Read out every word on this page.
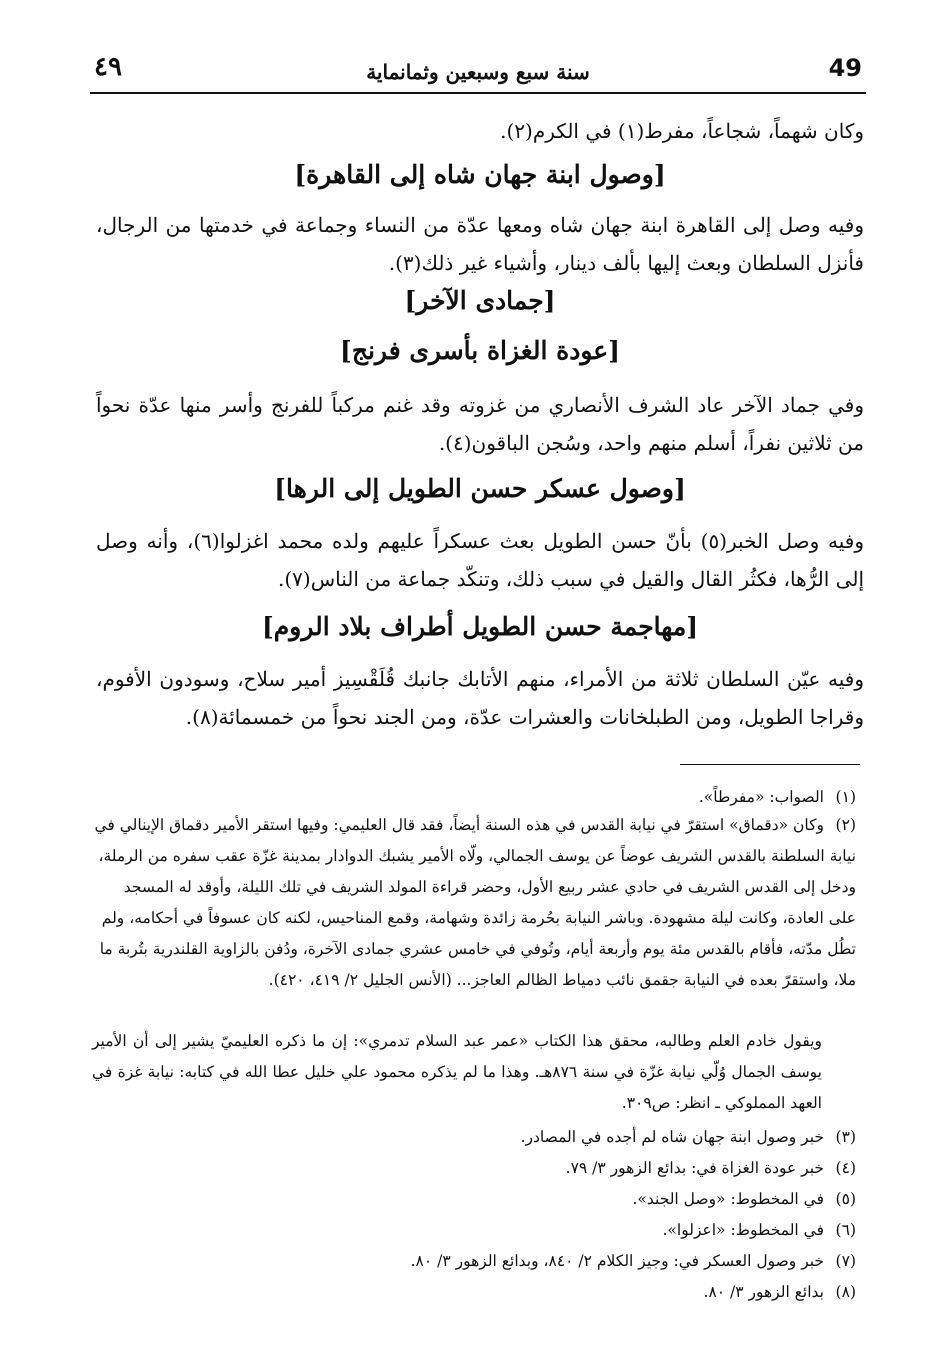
٤٩	سنة سبع وسبعين وثمانماية	49
وكان شهماً، شجاعاً، مفرط(١) في الكرم(٢).
[وصول ابنة جهان شاه إلى القاهرة]
وفيه وصل إلى القاهرة ابنة جهان شاه ومعها عدّة من النساء وجماعة في خدمتها من الرجال، فأنزل السلطان وبعث إليها بألف دينار، وأشياء غير ذلك(٣).
[جمادى الآخر]
[عودة الغزاة بأسرى فرنج]
وفي جماد الآخر عاد الشرف الأنصاري من غزوته وقد غنم مركباً للفرنج وأسر منها عدّة نحواً من ثلاثين نفراً، أسلم منهم واحد، وسُجن الباقون(٤).
[وصول عسكر حسن الطويل إلى الرها]
وفيه وصل الخبر(٥) بأنّ حسن الطويل بعث عسكراً عليهم ولده محمد اغزلوا(٦)، وأنه وصل إلى الرُّها، فكثُر القال والقيل في سبب ذلك، وتنكّد جماعة من الناس(٧).
[مهاجمة حسن الطويل أطراف بلاد الروم]
وفيه عيّن السلطان ثلاثة من الأمراء، منهم الأتابك جانبك قُلَقْسِيز أمير سلاح، وسودون الأفوم، وقراجا الطويل، ومن الطبلخانات والعشرات عدّة، ومن الجند نحواً من خمسمائة(٨).
(١)الصواب: «مفرطاً».
(٢)وكان «دقماق» استقرّ في نيابة القدس في هذه السنة أيضاً، فقد قال العليمي: وفيها استقر الأمير دقماق الإينالي في نيابة السلطنة بالقدس الشريف عوضاً عن يوسف الجمالي، ولّاه الأمير يشبك الدوادار بمدينة غزّة عقب سفره من الرملة، ودخل إلى القدس الشريف في حادي عشر ربيع الأول، وحضر قراءة المولد الشريف في تلك الليلة، وأوقد له المسجد على العادة، وكانت ليلة مشهودة. وباشر النيابة بحُرمة زائدة وشهامة، وقمع المناحيس، لكنه كان عسوفاً في أحكامه، ولم تطُل مدّته، فأقام بالقدس مئة يوم وأربعة أيام، وتُوفي في خامس عشري جمادى الآخرة، ودُفن بالزاوية القلندرية بتُربة ما ملا، واستقرّ بعده في النيابة جقمق نائب دمياط الظالم العاجز... (الأنس الجليل ٢/ ٤١٩، ٤٢٠).
ويقول خادم العلم وطالبه، محقق هذا الكتاب «عمر عبد السلام تدمري»: إن ما ذكره العليميّ يشير إلى أن الأمير يوسف الجمال وُلّي نيابة غزّة في سنة ٨٧٦هـ. وهذا ما لم يذكره محمود علي خليل عطا الله في كتابه: نيابة غزة في العهد المملوكي ـ انظر: ص٣٠٩.
(٣)خبر وصول ابنة جهان شاه لم أجده في المصادر.
(٤)خبر عودة الغزاة في: بدائع الزهور ٣/ ٧٩.
(٥)في المخطوط: «وصل الجند».
(٦)في المخطوط: «اعزلوا».
(٧)خبر وصول العسكر في: وجيز الكلام ٢/ ٨٤٠، وبدائع الزهور ٣/ ٨٠.
(٨)بدائع الزهور ٣/ ٨٠.
